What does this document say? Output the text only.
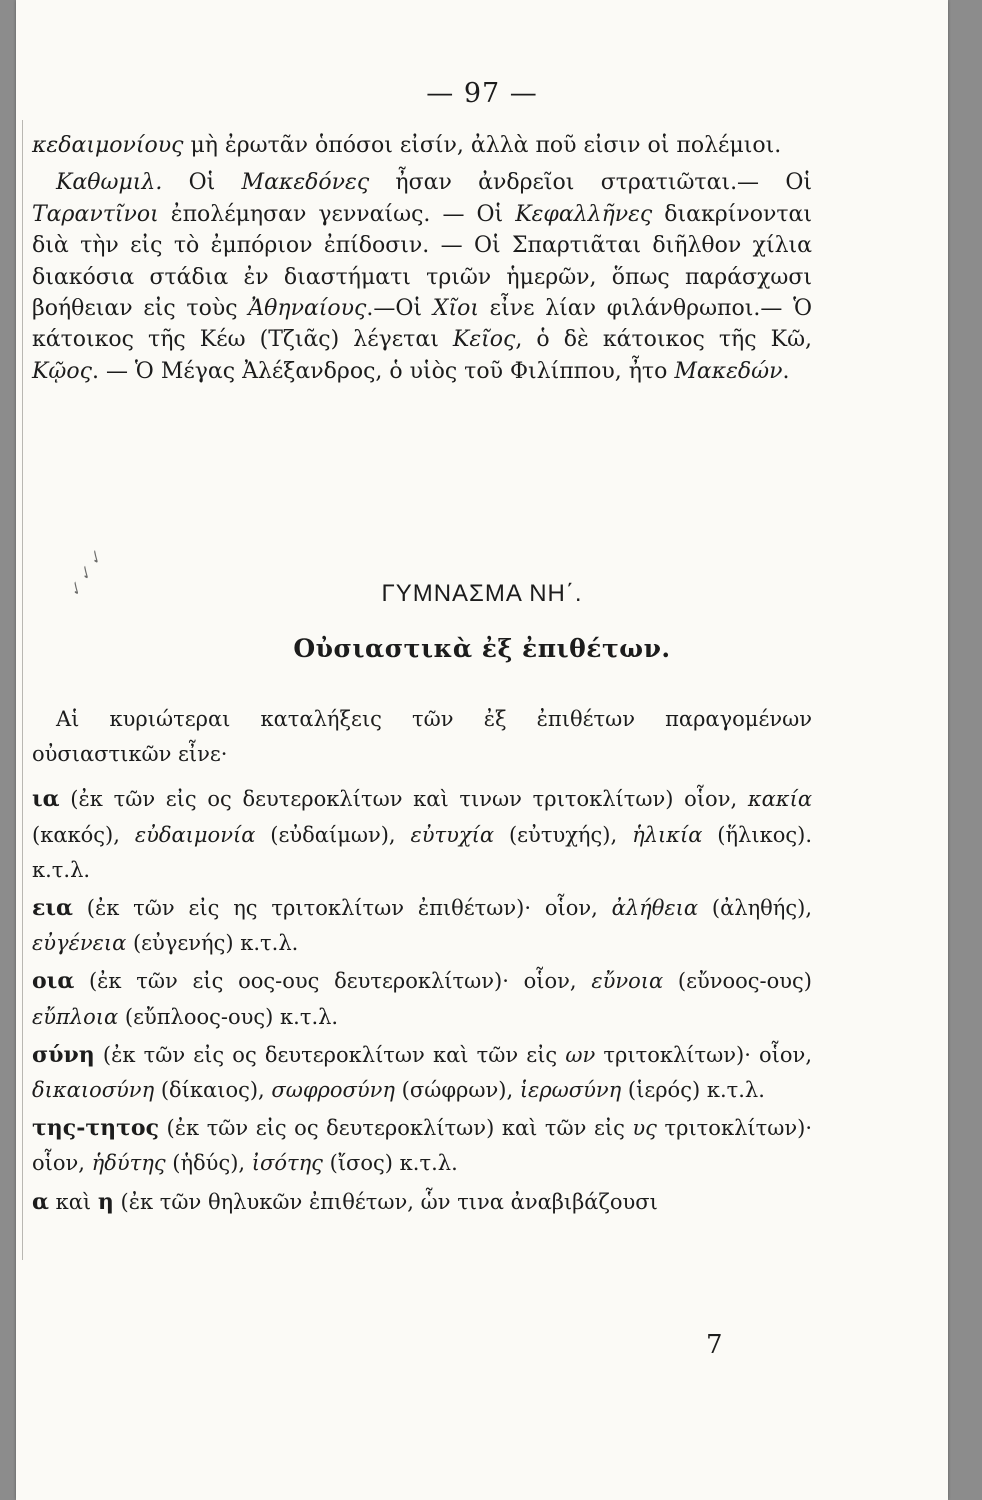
— 97 —

κεδαιμονίους μὴ ἐρωτᾶν ὁπόσοι εἰσίν, ἀλλὰ ποῦ εἰσιν οἱ πολέμιοι.

Καθωμιλ. Οἱ Μακεδόνες ἦσαν ἀνδρεῖοι στρατιῶται.— Οἱ Ταραντῖνοι ἐπολέμησαν γενναίως. — Οἱ Κεφαλλῆνες διακρίνονται διὰ τὴν εἰς τὸ ἐμπόριον ἐπίδοσιν. — Οἱ Σπαρτιᾶται διῆλθον χίλια διακόσια στάδια ἐν διαστήματι τριῶν ἡμερῶν, ὅπως παράσχωσι βοήθειαν εἰς τοὺς Ἀθηναίους.—Οἱ Χῖοι εἶνε λίαν φιλάνθρωποι.— Ὁ κάτοικος τῆς Κέω (Τζιᾶς) λέγεται Κεῖος, ὁ δὲ κάτοικος τῆς Κῶ, Κῷος. — Ὁ Μέγας Ἀλέξανδρος, ὁ υἱὸς τοῦ Φιλίππου, ἦτο Μακεδών.

✓ ✓ ✓	ΓΥΜΝΑΣΜΑ ΝΗ΄.
Οὐσιαστικὰ ἐξ ἐπιθέτων.

Αἱ κυριώτεραι καταλήξεις τῶν ἐξ ἐπιθέτων παραγομένων οὐσιαστικῶν εἶνε·

ια (ἐκ τῶν εἰς ος δευτεροκλίτων καὶ τινων τριτοκλίτων) οἷον, κακία (κακός), εὐδαιμονία (εὐδαίμων), εὐτυχία (εὐτυχής), ἡλικία (ἥλικος). κ.τ.λ.

εια (ἐκ τῶν εἰς ης τριτοκλίτων ἐπιθέτων)· οἷον, ἀλήθεια (ἀληθής), εὐγένεια (εὐγενής) κ.τ.λ.

οια (ἐκ τῶν εἰς οος-ους δευτεροκλίτων)· οἷον, εὔνοια (εὔνοος-ους) εὔπλοια (εὔπλοος-ους) κ.τ.λ.

σύνη (ἐκ τῶν εἰς ος δευτεροκλίτων καὶ τῶν εἰς ων τριτοκλίτων)· οἷον, δικαιοσύνη (δίκαιος), σωφροσύνη (σώφρων), ἱερωσύνη (ἱερός) κ.τ.λ.

της-τητος (ἐκ τῶν εἰς ος δευτεροκλίτων) καὶ τῶν εἰς υς τριτοκλίτων)· οἷον, ἡδύτης (ἡδύς), ἰσότης (ἴσος) κ.τ.λ.

α καὶ η (ἐκ τῶν θηλυκῶν ἐπιθέτων, ὧν τινα ἀναβιβάζουσι

7
